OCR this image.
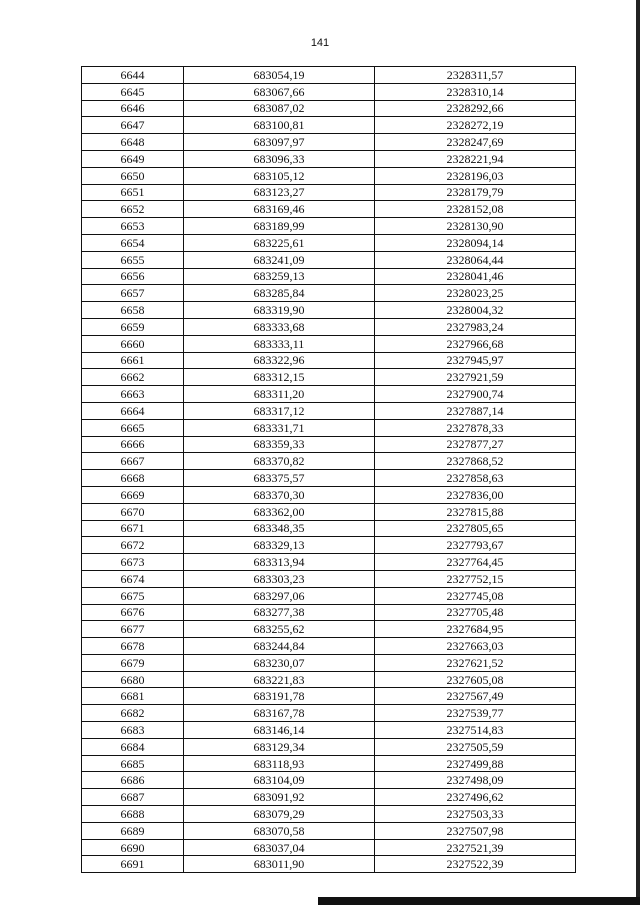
141
6644	683054,19	2328311,57
6645	683067,66	2328310,14
6646	683087,02	2328292,66
6647	683100,81	2328272,19
6648	683097,97	2328247,69
6649	683096,33	2328221,94
6650	683105,12	2328196,03
6651	683123,27	2328179,79
6652	683169,46	2328152,08
6653	683189,99	2328130,90
6654	683225,61	2328094,14
6655	683241,09	2328064,44
6656	683259,13	2328041,46
6657	683285,84	2328023,25
6658	683319,90	2328004,32
6659	683333,68	2327983,24
6660	683333,11	2327966,68
6661	683322,96	2327945,97
6662	683312,15	2327921,59
6663	683311,20	2327900,74
6664	683317,12	2327887,14
6665	683331,71	2327878,33
6666	683359,33	2327877,27
6667	683370,82	2327868,52
6668	683375,57	2327858,63
6669	683370,30	2327836,00
6670	683362,00	2327815,88
6671	683348,35	2327805,65
6672	683329,13	2327793,67
6673	683313,94	2327764,45
6674	683303,23	2327752,15
6675	683297,06	2327745,08
6676	683277,38	2327705,48
6677	683255,62	2327684,95
6678	683244,84	2327663,03
6679	683230,07	2327621,52
6680	683221,83	2327605,08
6681	683191,78	2327567,49
6682	683167,78	2327539,77
6683	683146,14	2327514,83
6684	683129,34	2327505,59
6685	683118,93	2327499,88
6686	683104,09	2327498,09
6687	683091,92	2327496,62
6688	683079,29	2327503,33
6689	683070,58	2327507,98
6690	683037,04	2327521,39
6691	683011,90	2327522,39
